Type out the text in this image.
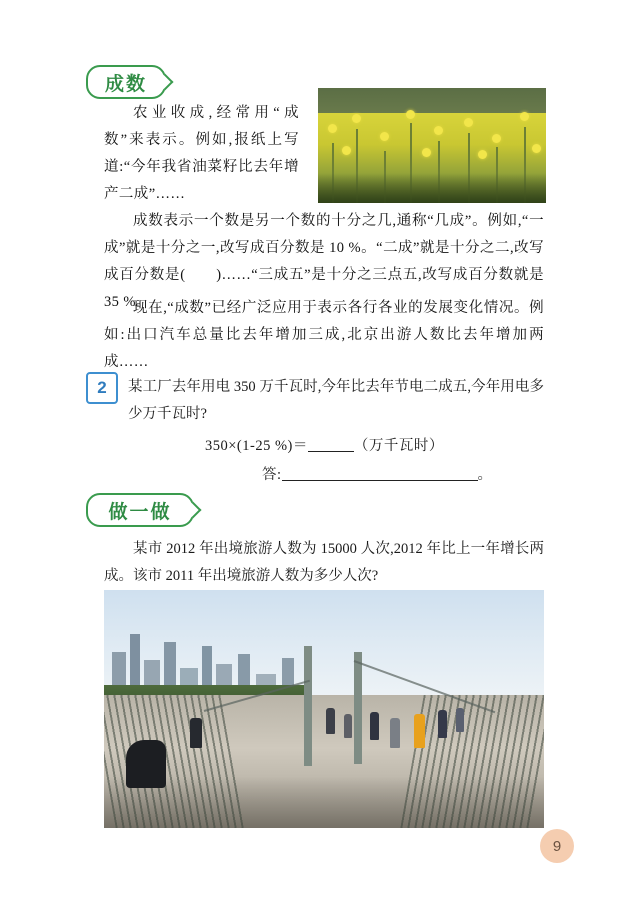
成数
农业收成,经常用“成数”来表示。例如,报纸上写道:“今年我省油菜籽比去年增产二成”……
成数表示一个数是另一个数的十分之几,通称“几成”。例如,“一成”就是十分之一,改写成百分数是 10 %。“二成”就是十分之二,改写成百分数是(　　)……“三成五”是十分之三点五,改写成百分数就是 35 %。
现在,“成数”已经广泛应用于表示各行各业的发展变化情况。例如:出口汽车总量比去年增加三成,北京出游人数比去年增加两成……
2	某工厂去年用电 350 万千瓦时,今年比去年节电二成五,今年用电多少万千瓦时?
350×(1-25 %)＝	（万千瓦时）
答:	。
做一做
某市 2012 年出境旅游人数为 15000 人次,2012 年比上一年增长两成。该市 2011 年出境旅游人数为多少人次?
9
